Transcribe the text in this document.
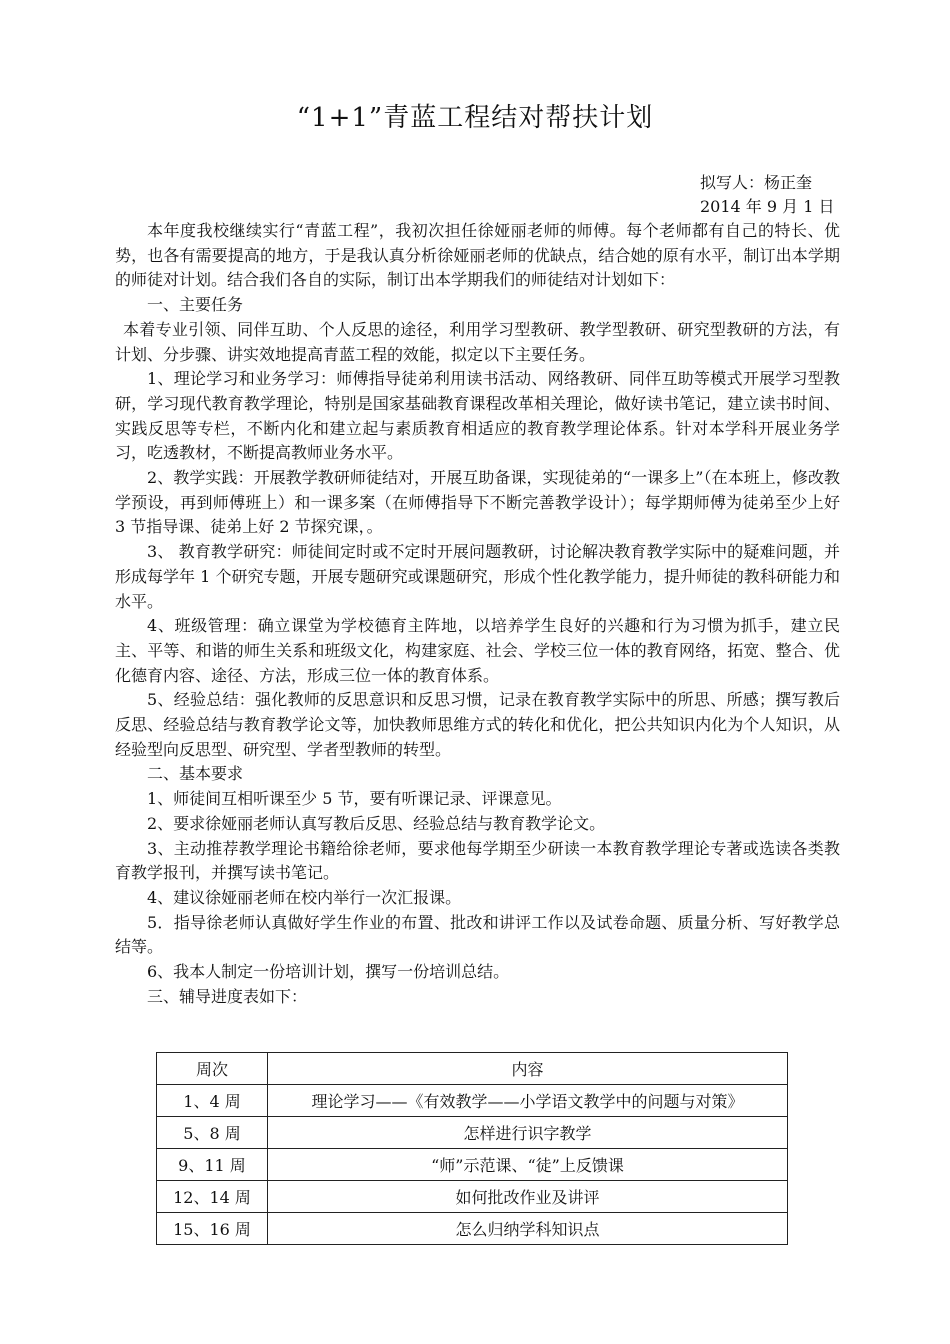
“1+1”青蓝工程结对帮扶计划
拟写人：杨正奎
2014 年 9 月 1 日

本年度我校继续实行“青蓝工程”，我初次担任徐娅丽老师的师傅。每个老师都有自己的特长、优势，也各有需要提高的地方，于是我认真分析徐娅丽老师的优缺点，结合她的原有水平，制订出本学期的师徒对计划。结合我们各自的实际，制订出本学期我们的师徒结对计划如下：

一、主要任务

本着专业引领、同伴互助、个人反思的途径，利用学习型教研、教学型教研、研究型教研的方法，有计划、分步骤、讲实效地提高青蓝工程的效能，拟定以下主要任务。

1、理论学习和业务学习：师傅指导徒弟利用读书活动、网络教研、同伴互助等模式开展学习型教研，学习现代教育教学理论，特别是国家基础教育课程改革相关理论，做好读书笔记，建立读书时间、实践反思等专栏，不断内化和建立起与素质教育相适应的教育教学理论体系。针对本学科开展业务学习，吃透教材，不断提高教师业务水平。

2、教学实践：开展教学教研师徒结对，开展互助备课，实现徒弟的“一课多上”（在本班上，修改教学预设，再到师傅班上）和一课多案（在师傅指导下不断完善教学设计）；每学期师傅为徒弟至少上好 3 节指导课、徒弟上好 2 节探究课，。

3、 教育教学研究：师徒间定时或不定时开展问题教研，讨论解决教育教学实际中的疑难问题，并形成每学年 1 个研究专题，开展专题研究或课题研究，形成个性化教学能力，提升师徒的教科研能力和水平。

4、班级管理：确立课堂为学校德育主阵地，以培养学生良好的兴趣和行为习惯为抓手，建立民主、平等、和谐的师生关系和班级文化，构建家庭、社会、学校三位一体的教育网络，拓宽、整合、优化德育内容、途径、方法，形成三位一体的教育体系。

5、经验总结：强化教师的反思意识和反思习惯，记录在教育教学实际中的所思、所感；撰写教后反思、经验总结与教育教学论文等，加快教师思维方式的转化和优化，把公共知识内化为个人知识，从经验型向反思型、研究型、学者型教师的转型。

二、基本要求

1、师徒间互相听课至少 5 节，要有听课记录、评课意见。

2、要求徐娅丽老师认真写教后反思、经验总结与教育教学论文。

3、主动推荐教学理论书籍给徐老师，要求他每学期至少研读一本教育教学理论专著或选读各类教育教学报刊，并撰写读书笔记。

4、建议徐娅丽老师在校内举行一次汇报课。

5．指导徐老师认真做好学生作业的布置、批改和讲评工作以及试卷命题、质量分析、写好教学总结等。

6、我本人制定一份培训计划，撰写一份培训总结。

三、辅导进度表如下：

周次	内容
1、4 周	理论学习——《有效教学——小学语文教学中的问题与对策》
5、8 周	怎样进行识字教学
9、11 周	“师”示范课、“徒”上反馈课
12、14 周	如何批改作业及讲评
15、16 周	怎么归纳学科知识点
